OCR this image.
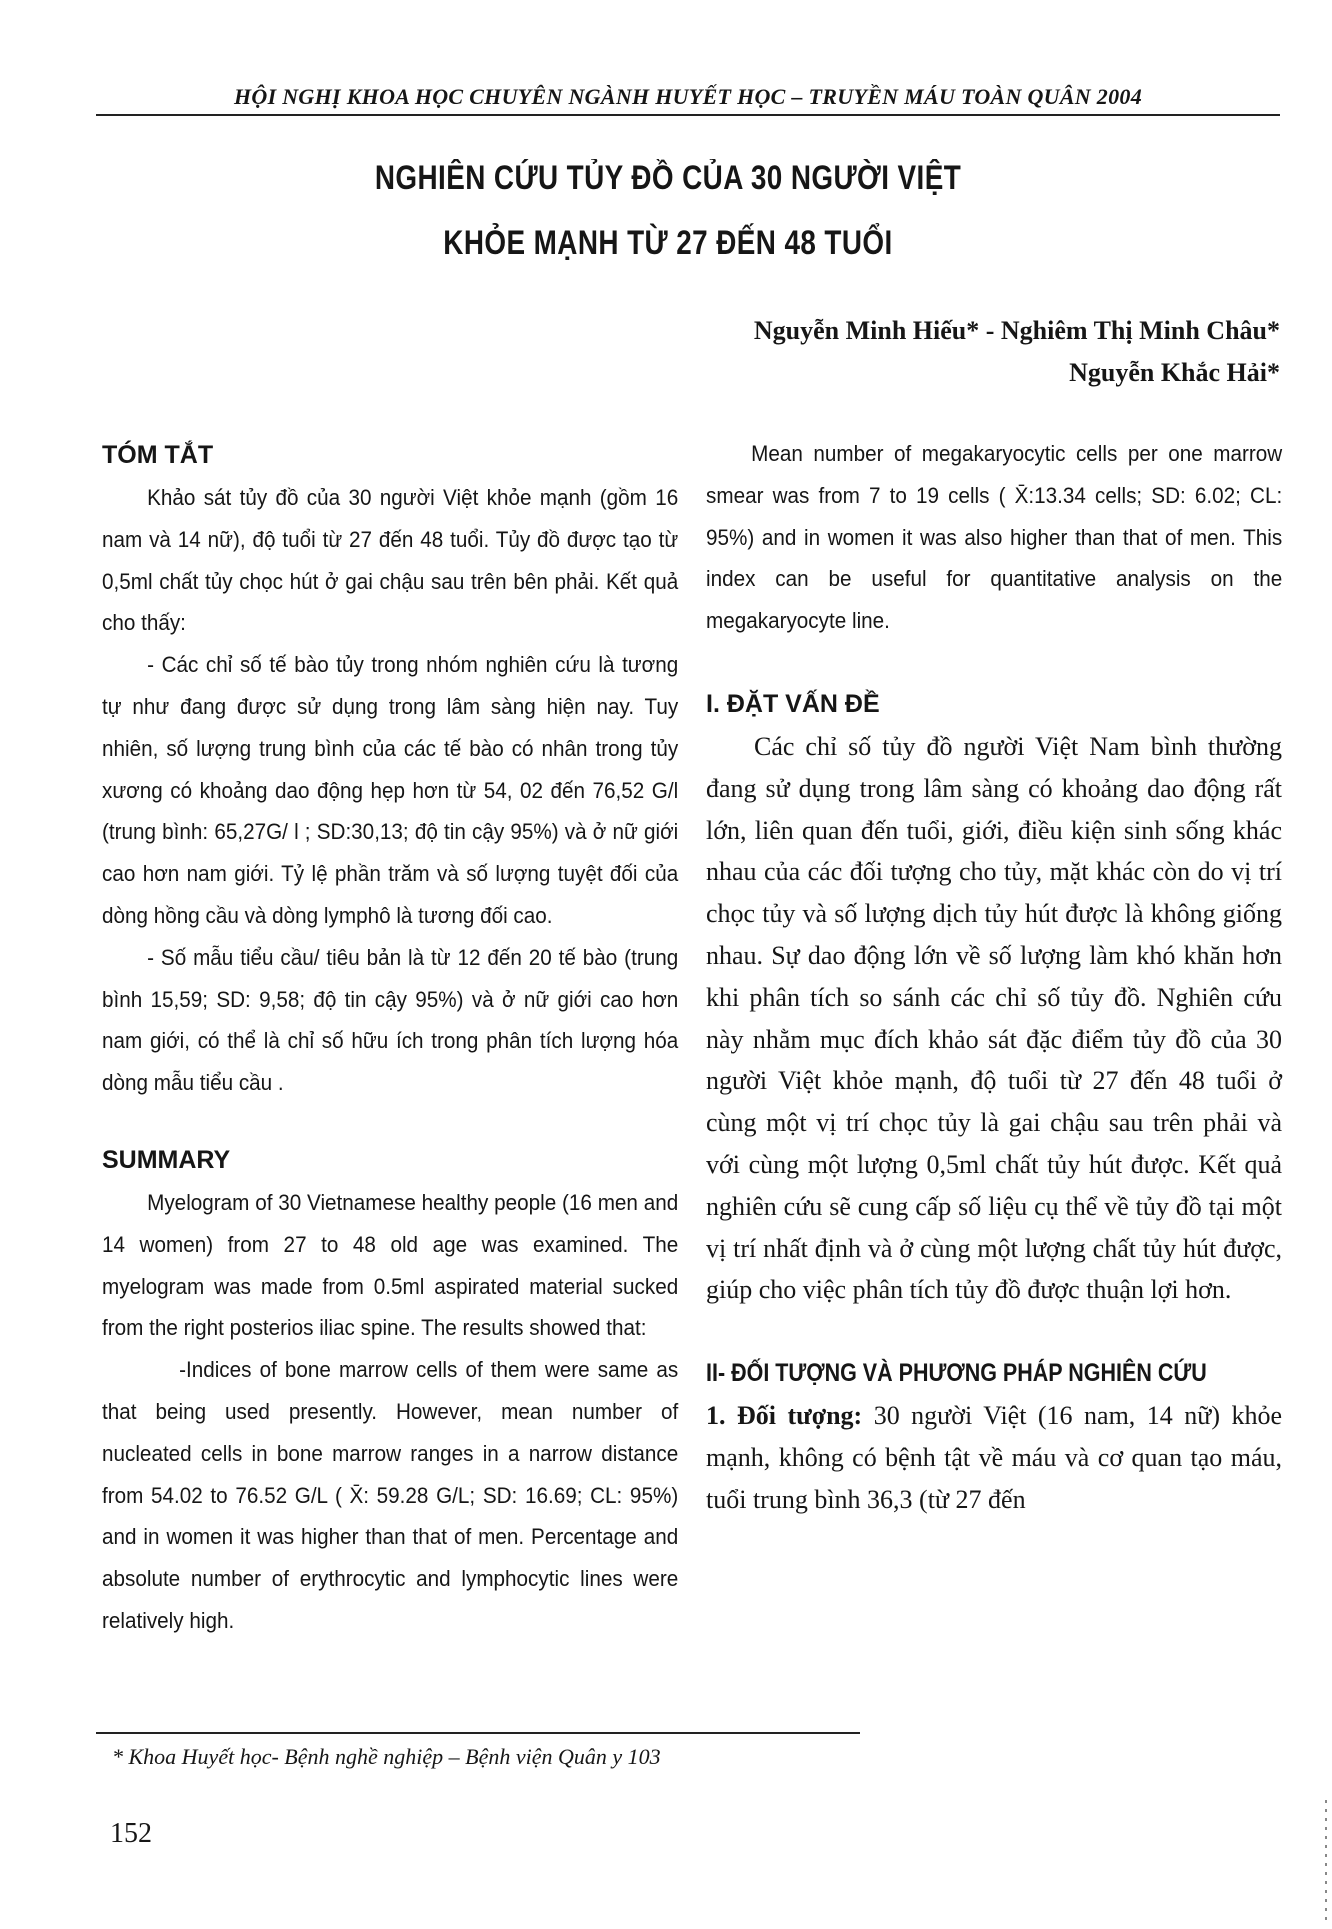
HỘI NGHỊ KHOA HỌC CHUYÊN NGÀNH HUYẾT HỌC – TRUYỀN MÁU TOÀN QUÂN 2004
NGHIÊN CỨU TỦY ĐỒ CỦA 30 NGƯỜI VIỆT
KHỎE MẠNH TỪ 27 ĐẾN 48 TUỔI
Nguyễn Minh Hiếu* - Nghiêm Thị Minh Châu*
Nguyễn Khắc Hải*
TÓM TẮT

Khảo sát tủy đồ của 30 người Việt khỏe mạnh (gồm 16 nam và 14 nữ), độ tuổi từ 27 đến 48 tuổi. Tủy đồ được tạo từ 0,5ml chất tủy chọc hút ở gai chậu sau trên bên phải. Kết quả cho thấy:

- Các chỉ số tế bào tủy trong nhóm nghiên cứu là tương tự như đang được sử dụng trong lâm sàng hiện nay. Tuy nhiên, số lượng trung bình của các tế bào có nhân trong tủy xương có khoảng dao động hẹp hơn từ 54, 02 đến 76,52 G/l (trung bình: 65,27G/ l ; SD:30,13; độ tin cậy 95%) và ở nữ giới cao hơn nam giới. Tỷ lệ phần trăm và số lượng tuyệt đối của dòng hồng cầu và dòng lymphô là tương đối cao.

- Số mẫu tiểu cầu/ tiêu bản là từ 12 đến 20 tế bào (trung bình 15,59; SD: 9,58; độ tin cậy 95%) và ở nữ giới cao hơn nam giới, có thể là chỉ số hữu ích trong phân tích lượng hóa dòng mẫu tiểu cầu .

SUMMARY

Myelogram of 30 Vietnamese healthy people (16 men and 14 women) from 27 to 48 old age was examined. The myelogram was made from 0.5ml aspirated material sucked from the right posterios iliac spine. The results showed that:

-Indices of bone marrow cells of them were same as that being used presently. However, mean number of nucleated cells in bone marrow ranges in a narrow distance from 54.02 to 76.52 G/L ( X̄: 59.28 G/L; SD: 16.69; CL: 95%) and in women it was higher than that of men. Percentage and absolute number of erythrocytic and lymphocytic lines were relatively high.

Mean number of megakaryocytic cells per one marrow smear was from 7 to 19 cells ( X̄:13.34 cells; SD: 6.02; CL: 95%) and in women it was also higher than that of men. This index can be useful for quantitative analysis on the megakaryocyte line.

I. ĐẶT VẤN ĐỀ

Các chỉ số tủy đồ người Việt Nam bình thường đang sử dụng trong lâm sàng có khoảng dao động rất lớn, liên quan đến tuổi, giới, điều kiện sinh sống khác nhau của các đối tượng cho tủy, mặt khác còn do vị trí chọc tủy và số lượng dịch tủy hút được là không giống nhau. Sự dao động lớn về số lượng làm khó khăn hơn khi phân tích so sánh các chỉ số tủy đồ. Nghiên cứu này nhằm mục đích khảo sát đặc điểm tủy đồ của 30 người Việt khỏe mạnh, độ tuổi từ 27 đến 48 tuổi ở cùng một vị trí chọc tủy là gai chậu sau trên phải và với cùng một lượng 0,5ml chất tủy hút được. Kết quả nghiên cứu sẽ cung cấp số liệu cụ thể về tủy đồ tại một vị trí nhất định và ở cùng một lượng chất tủy hút được, giúp cho việc phân tích tủy đồ được thuận lợi hơn.

II- ĐỐI TƯỢNG VÀ PHƯƠNG PHÁP NGHIÊN CỨU

1. Đối tượng: 30 người Việt (16 nam, 14 nữ) khỏe mạnh, không có bệnh tật về máu và cơ quan tạo máu, tuổi trung bình 36,3 (từ 27 đến

* Khoa Huyết học- Bệnh nghề nghiệp – Bệnh viện Quân y 103
152
